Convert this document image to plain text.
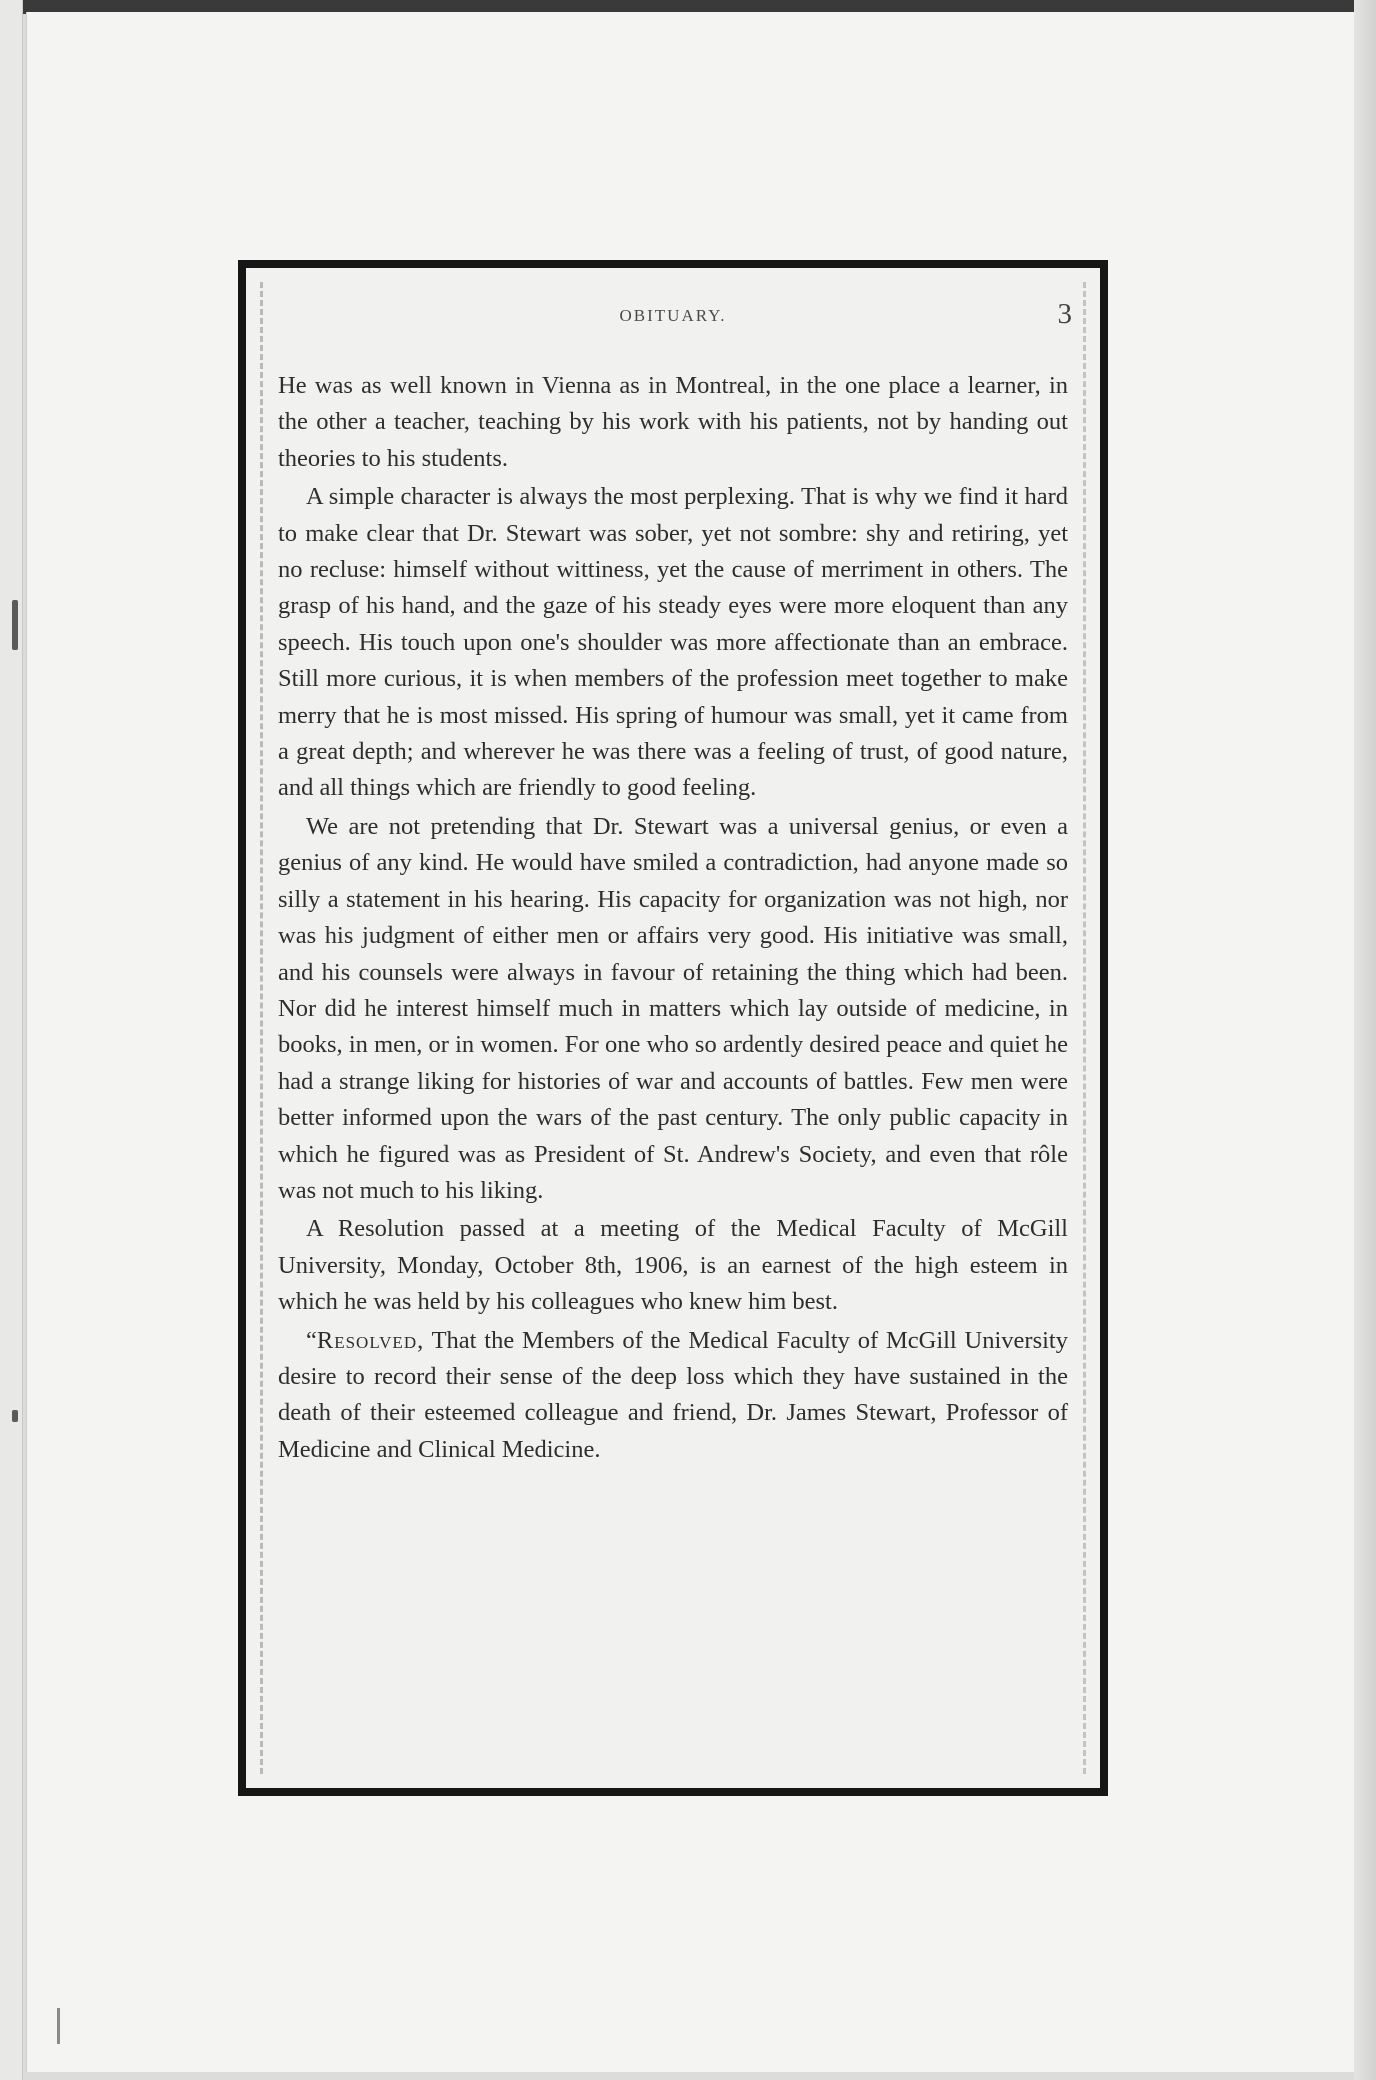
OBITUARY.	3

He was as well known in Vienna as in Montreal, in the one place a learner, in the other a teacher, teaching by his work with his patients, not by handing out theories to his students.

A simple character is always the most perplexing. That is why we find it hard to make clear that Dr. Stewart was sober, yet not sombre: shy and retiring, yet no recluse: himself without wittiness, yet the cause of merriment in others. The grasp of his hand, and the gaze of his steady eyes were more eloquent than any speech. His touch upon one's shoulder was more affectionate than an embrace. Still more curious, it is when members of the profession meet together to make merry that he is most missed. His spring of humour was small, yet it came from a great depth; and wherever he was there was a feeling of trust, of good nature, and all things which are friendly to good feeling.

We are not pretending that Dr. Stewart was a universal genius, or even a genius of any kind. He would have smiled a contradiction, had anyone made so silly a statement in his hearing. His capacity for organization was not high, nor was his judgment of either men or affairs very good. His initiative was small, and his counsels were always in favour of retaining the thing which had been. Nor did he interest himself much in matters which lay outside of medicine, in books, in men, or in women. For one who so ardently desired peace and quiet he had a strange liking for histories of war and accounts of battles. Few men were better informed upon the wars of the past century. The only public capacity in which he figured was as President of St. Andrew's Society, and even that rôle was not much to his liking.

A Resolution passed at a meeting of the Medical Faculty of McGill University, Monday, October 8th, 1906, is an earnest of the high esteem in which he was held by his colleagues who knew him best.

“Resolved, That the Members of the Medical Faculty of McGill University desire to record their sense of the deep loss which they have sustained in the death of their esteemed colleague and friend, Dr. James Stewart, Professor of Medicine and Clinical Medicine.
